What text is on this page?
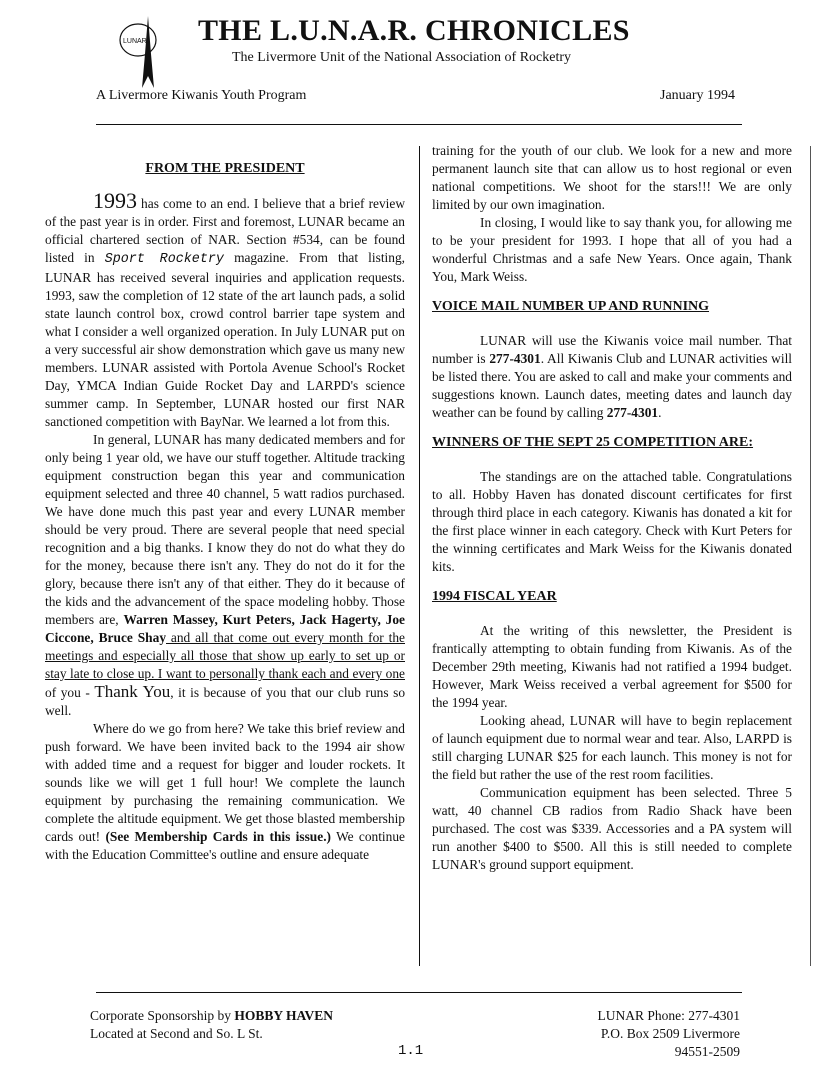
LUNAR THE L.U.N.A.R. CHRONICLES
The Livermore Unit of the National Association of Rocketry
A Livermore Kiwanis Youth Program	January 1994

FROM THE PRESIDENT

1993 has come to an end. I believe that a brief review of the past year is in order. First and foremost, LUNAR became an official chartered section of NAR. Section #534, can be found listed in Sport Rocketry magazine. From that listing, LUNAR has received several inquiries and application requests. 1993, saw the completion of 12 state of the art launch pads, a solid state launch control box, crowd control barrier tape system and what I consider a well organized operation. In July LUNAR put on a very successful air show demonstration which gave us many new members. LUNAR assisted with Portola Avenue School's Rocket Day, YMCA Indian Guide Rocket Day and LARPD's science summer camp. In September, LUNAR hosted our first NAR sanctioned competition with BayNar. We learned a lot from this.

In general, LUNAR has many dedicated members and for only being 1 year old, we have our stuff together. Altitude tracking equipment construction began this year and communication equipment selected and three 40 channel, 5 watt radios purchased. We have done much this past year and every LUNAR member should be very proud. There are several people that need special recognition and a big thanks. I know they do not do what they do for the money, because there isn't any. They do not do it for the glory, because there isn't any of that either. They do it because of the kids and the advancement of the space modeling hobby. Those members are, Warren Massey, Kurt Peters, Jack Hagerty, Joe Ciccone, Bruce Shay and all that come out every month for the meetings and especially all those that show up early to set up or stay late to close up. I want to personally thank each and every one of you - Thank You, it is because of you that our club runs so well.

Where do we go from here? We take this brief review and push forward. We have been invited back to the 1994 air show with added time and a request for bigger and louder rockets. It sounds like we will get 1 full hour! We complete the launch equipment by purchasing the remaining communication. We complete the altitude equipment. We get those blasted membership cards out! (See Membership Cards in this issue.) We continue with the Education Committee's outline and ensure adequate

training for the youth of our club. We look for a new and more permanent launch site that can allow us to host regional or even national competitions. We shoot for the stars!!! We are only limited by our own imagination.

In closing, I would like to say thank you, for allowing me to be your president for 1993. I hope that all of you had a wonderful Christmas and a safe New Years. Once again, Thank You, Mark Weiss.

VOICE MAIL NUMBER UP AND RUNNING

LUNAR will use the Kiwanis voice mail number. That number is 277-4301. All Kiwanis Club and LUNAR activities will be listed there. You are asked to call and make your comments and suggestions known. Launch dates, meeting dates and launch day weather can be found by calling 277-4301.

WINNERS OF THE SEPT 25 COMPETITION ARE:

The standings are on the attached table. Congratulations to all. Hobby Haven has donated discount certificates for first through third place in each category. Kiwanis has donated a kit for the first place winner in each category. Check with Kurt Peters for the winning certificates and Mark Weiss for the Kiwanis donated kits.

1994 FISCAL YEAR

At the writing of this newsletter, the President is frantically attempting to obtain funding from Kiwanis. As of the December 29th meeting, Kiwanis had not ratified a 1994 budget. However, Mark Weiss received a verbal agreement for $500 for the 1994 year.

Looking ahead, LUNAR will have to begin replacement of launch equipment due to normal wear and tear. Also, LARPD is still charging LUNAR $25 for each launch. This money is not for the field but rather the use of the rest room facilities.

Communication equipment has been selected. Three 5 watt, 40 channel CB radios from Radio Shack have been purchased. The cost was $339. Accessories and a PA system will run another $400 to $500. All this is still needed to complete LUNAR's ground support equipment.

Corporate Sponsorship by HOBBY HAVEN
Located at Second and So. L St.
LUNAR Phone: 277-4301
P.O. Box 2509 Livermore
94551-2509
1.1
